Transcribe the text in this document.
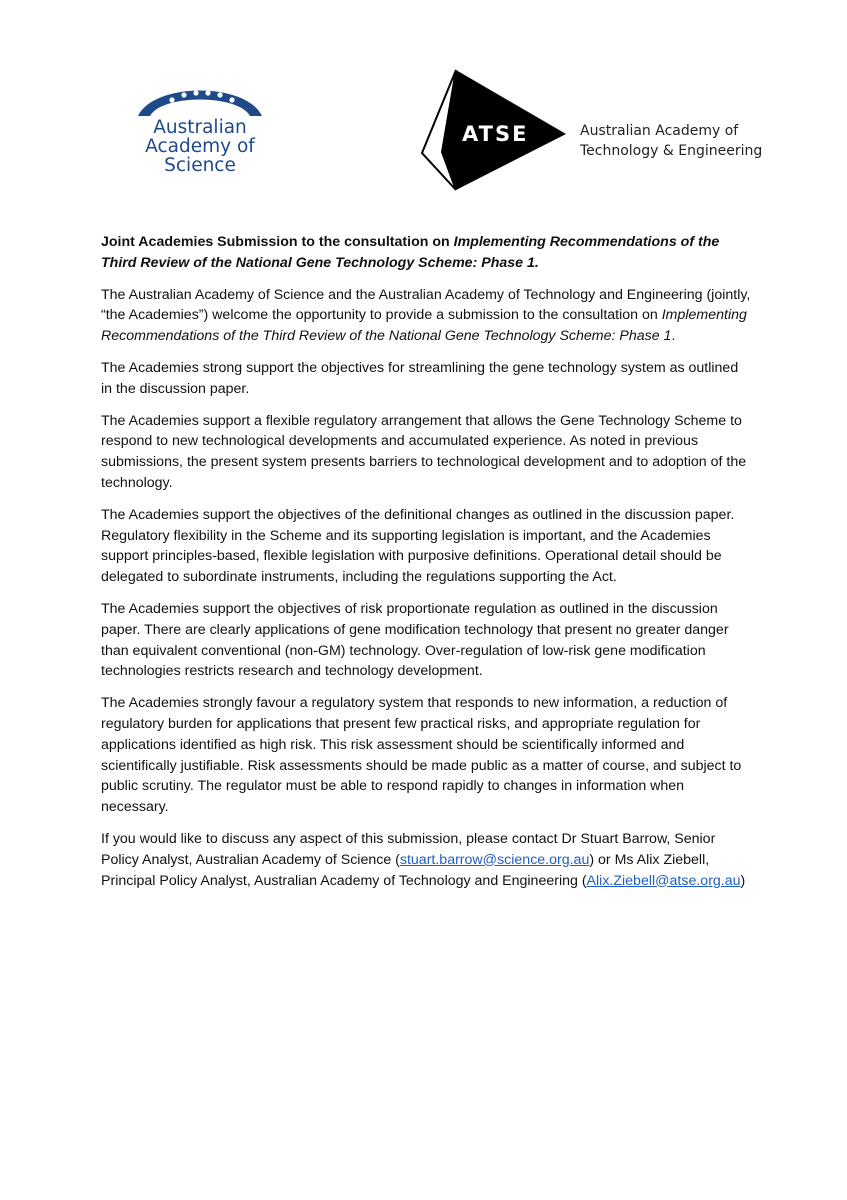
Australian
Academy of
Science
ATSE	Australian Academy of
Technology & Engineering

Joint Academies Submission to the consultation on Implementing Recommendations of the Third Review of the National Gene Technology Scheme: Phase 1.

The Australian Academy of Science and the Australian Academy of Technology and Engineering (jointly, “the Academies”) welcome the opportunity to provide a submission to the consultation on Implementing Recommendations of the Third Review of the National Gene Technology Scheme: Phase 1.

The Academies strong support the objectives for streamlining the gene technology system as outlined in the discussion paper.

The Academies support a flexible regulatory arrangement that allows the Gene Technology Scheme to respond to new technological developments and accumulated experience. As noted in previous submissions, the present system presents barriers to technological development and to adoption of the technology.

The Academies support the objectives of the definitional changes as outlined in the discussion paper. Regulatory flexibility in the Scheme and its supporting legislation is important, and the Academies support principles-based, flexible legislation with purposive definitions. Operational detail should be delegated to subordinate instruments, including the regulations supporting the Act.

The Academies support the objectives of risk proportionate regulation as outlined in the discussion paper. There are clearly applications of gene modification technology that present no greater danger than equivalent conventional (non-GM) technology. Over-regulation of low-risk gene modification technologies restricts research and technology development.

The Academies strongly favour a regulatory system that responds to new information, a reduction of regulatory burden for applications that present few practical risks, and appropriate regulation for applications identified as high risk. This risk assessment should be scientifically informed and scientifically justifiable. Risk assessments should be made public as a matter of course, and subject to public scrutiny. The regulator must be able to respond rapidly to changes in information when necessary.

If you would like to discuss any aspect of this submission, please contact Dr Stuart Barrow, Senior Policy Analyst, Australian Academy of Science (stuart.barrow@science.org.au) or Ms Alix Ziebell, Principal Policy Analyst, Australian Academy of Technology and Engineering (Alix.Ziebell@atse.org.au)
